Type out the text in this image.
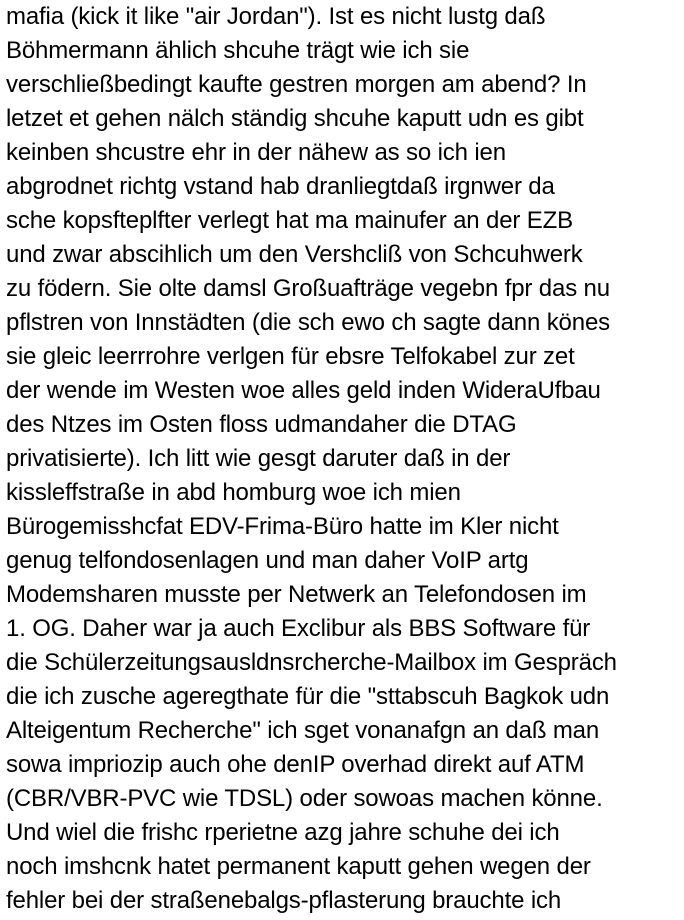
mafia (kick it like "air Jordan"). Ist es nicht lustg daß
Böhmermann ählich shcuhe trägt wie ich sie
verschließbedingt kaufte gestren morgen am abend? In
letzet et gehen nälch ständig shcuhe kaputt udn es gibt
keinben shcustre ehr in der nähew as so ich ien
abgrodnet richtg vstand hab dranliegtdaß irgnwer da
sche kopsfteplfter verlegt hat ma mainufer an der EZB
und zwar abscihlich um den Vershcliß von Schcuhwerk
zu födern. Sie olte damsl Großuafträge vegebn fpr das nu
pflstren von Innstädten (die sch ewo ch sagte dann könes
sie gleic leerrrohre verlgen für ebsre Telfokabel zur zet
der wende im Westen woe alles geld inden WideraUfbau
des Ntzes im Osten floss udmandaher die DTAG
privatisierte). Ich litt wie gesgt daruter daß in der
kissleffstraße in abd homburg woe ich mien
Bürogemisshcfat EDV-Frima-Büro hatte im Kler nicht
genug telfondosenlagen und man daher VoIP artg
Modemsharen musste per Netwerk an Telefondosen im
1. OG. Daher war ja auch Exclibur als BBS Software für
die Schülerzeitungsausldnsrcherche-Mailbox im Gespräch
die ich zusche ageregthate für die "sttabscuh Bagkok udn
Alteigentum Recherche" ich sget vonanafgn an daß man
sowa impriozip auch ohe denIP overhad direkt auf ATM
(CBR/VBR-PVC wie TDSL) oder sowoas machen könne.
Und wiel die frishc rperietne azg jahre schuhe dei ich
noch imshcnk hatet permanent kaputt gehen wegen der
fehler bei der straßenebalgs-pflasterung brauchte ich
